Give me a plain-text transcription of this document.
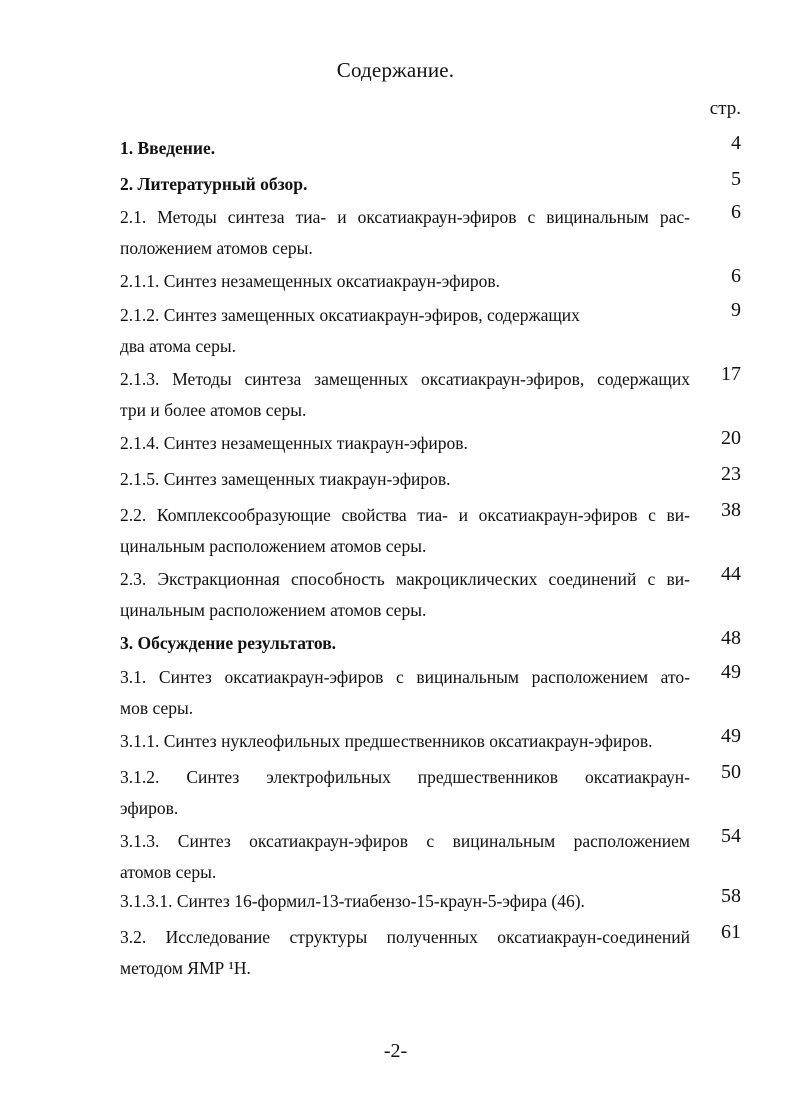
Содержание.
стр.
1. Введение.	4
2. Литературный обзор.	5
2.1. Методы синтеза тиа- и оксатиакраун-эфиров с вицинальным рас-
положением атомов серы.
6
2.1.1. Синтез незамещенных оксатиакраун-эфиров.	6
2.1.2. Синтез замещенных оксатиакраун-эфиров, содержащих
два атома серы.
9
2.1.3. Методы синтеза замещенных оксатиакраун-эфиров, содержащих
три и более атомов серы.
17
2.1.4. Синтез незамещенных тиакраун-эфиров.	20
2.1.5. Синтез замещенных тиакраун-эфиров.	23
2.2. Комплексообразующие свойства тиа- и оксатиакраун-эфиров с ви-
цинальным расположением атомов серы.
38
2.3. Экстракционная способность макроциклических соединений с ви-
цинальным расположением атомов серы.
44
3. Обсуждение результатов.	48
3.1. Синтез оксатиакраун-эфиров с вицинальным расположением ато-
мов серы.
49
3.1.1. Синтез нуклеофильных предшественников оксатиакраун-эфиров.	49
3.1.2. Синтез электрофильных предшественников оксатиакраун-
эфиров.
50
3.1.3. Синтез оксатиакраун-эфиров с вицинальным расположением
атомов серы.
54
3.1.3.1. Синтез 16-формил-13-тиабензо-15-краун-5-эфира (46).	58
3.2. Исследование структуры полученных оксатиакраун-соединений
методом ЯМР ¹Н.
61
-2-
